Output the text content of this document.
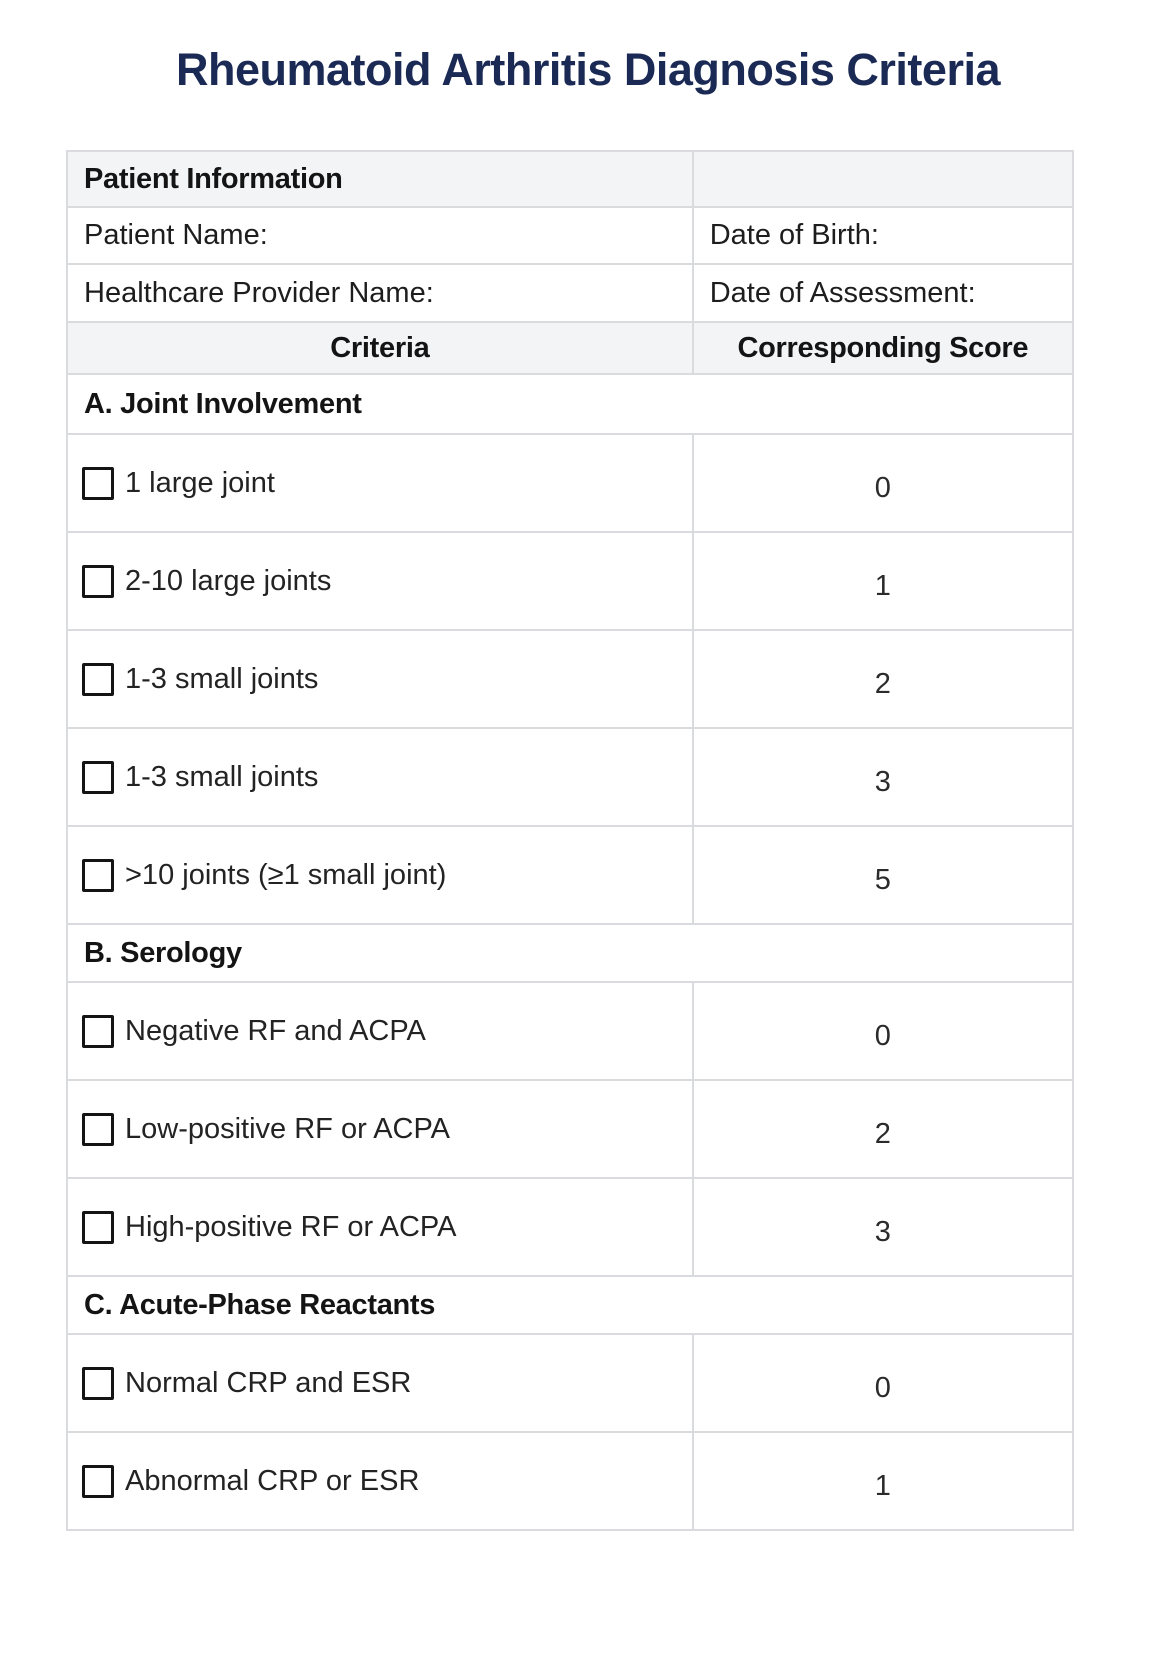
Rheumatoid Arthritis Diagnosis Criteria
Patient Information	
Patient Name:	Date of Birth:
Healthcare Provider Name:	Date of Assessment:
Criteria	Corresponding Score
A. Joint Involvement	

1 large joint	0

2-10 large joints	1

1-3 small joints	2

1-3 small joints	3

>10 joints (≥1 small joint)	5
B. Serology	

Negative RF and ACPA	0

Low-positive RF or ACPA	2

High-positive RF or ACPA	3
C. Acute-Phase Reactants	

Normal CRP and ESR	0

Abnormal CRP or ESR	1
